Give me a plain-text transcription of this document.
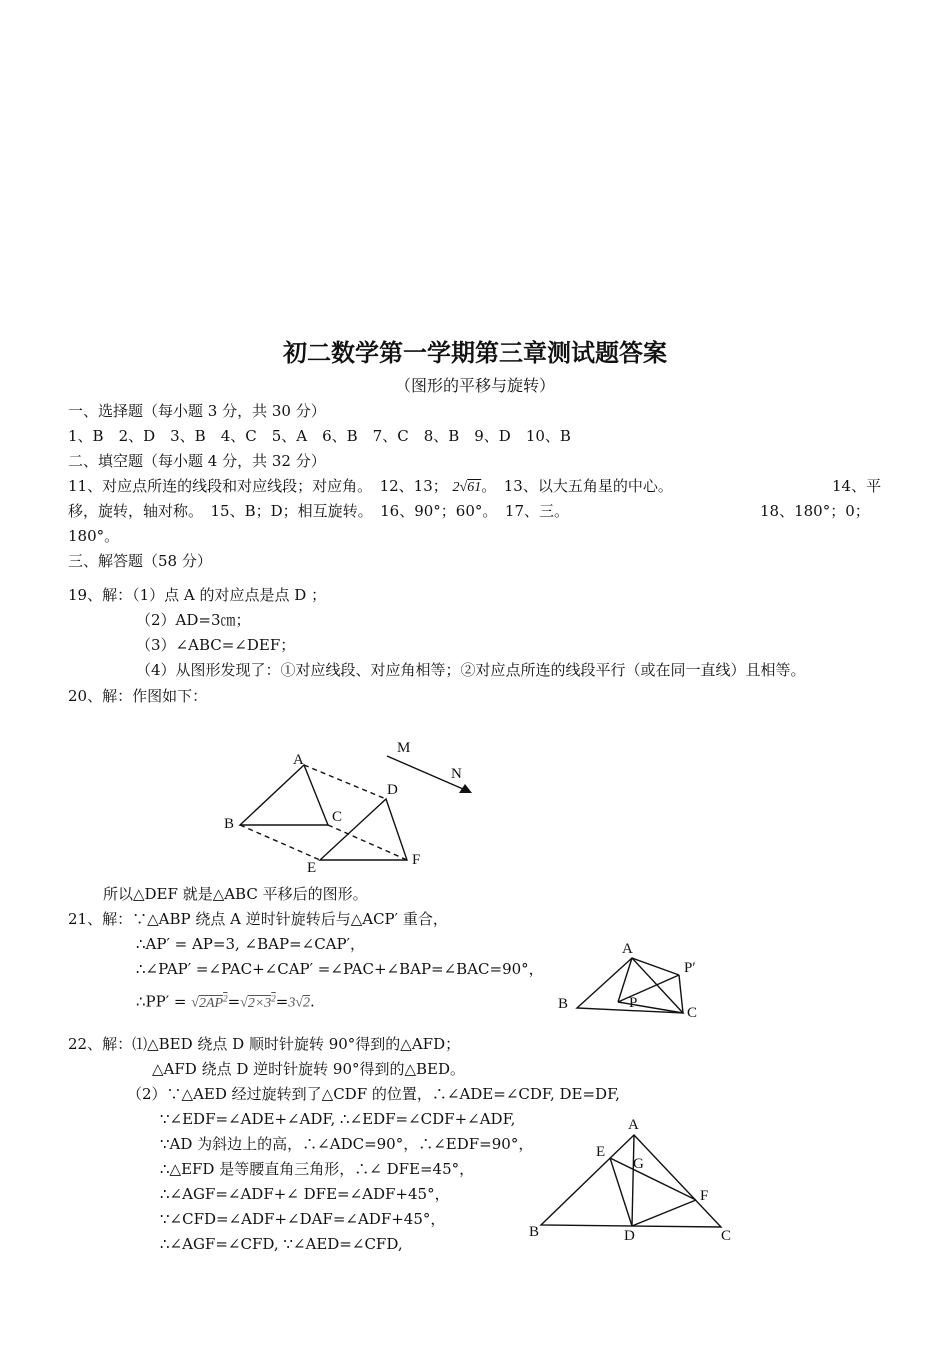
初二数学第一学期第三章测试题答案
（图形的平移与旋转）
一、选择题（每小题 3 分，共 30 分）
1、B　2、D　3、B　4、C　5、A　6、B　7、C　8、B　9、D　10、B
二、填空题（每小题 4 分，共 32 分）
11、对应点所连的线段和对应线段；对应角。　12、13； 2√61。　13、以大五角星的中心。	14、平
移，旋转，轴对称。　15、B；D；相互旋转。　16、90°；60°。　17、三。	18、180°；0；
180°。
三、解答题（58 分）
19、解：（1）点 A 的对应点是点 D ；
（2）AD=3㎝；
（3）∠ABC=∠DEF；
（4）从图形发现了：①对应线段、对应角相等；②对应点所连的线段平行（或在同一直线）且相等。
20、解：作图如下：
A
B	C
D
E	F
M
N
所以△DEF 就是△ABC 平移后的图形。
21、解：∵△ABP 绕点 A 逆时针旋转后与△ACP′ 重合，
∴AP′ = AP=3, ∠BAP=∠CAP′，
∴∠PAP′ =∠PAC+∠CAP′ =∠PAC+∠BAP=∠BAC=90°，
∴PP′ = $√2AP^2=√2\times 3^2=3√2$.
A
B
C
P
P′
22、解：⑴△BED 绕点 D 顺时针旋转 90°得到的△AFD；
△AFD 绕点 D 逆时针旋转 90°得到的△BED。
（2）∵△AED 经过旋转到了△CDF 的位置，∴∠ADE=∠CDF, DE=DF,
∵∠EDF=∠ADE+∠ADF, ∴∠EDF=∠CDF+∠ADF,
∵AD 为斜边上的高，∴∠ADC=90°，∴∠EDF=90°，
∴△EFD 是等腰直角三角形，∴∠ DFE=45°，
∴∠AGF=∠ADF+∠ DFE=∠ADF+45°，
∵∠CFD=∠ADF+∠DAF=∠ADF+45°，
∴∠AGF=∠CFD, ∵∠AED=∠CFD,
A
B	C
D
E
F
G
